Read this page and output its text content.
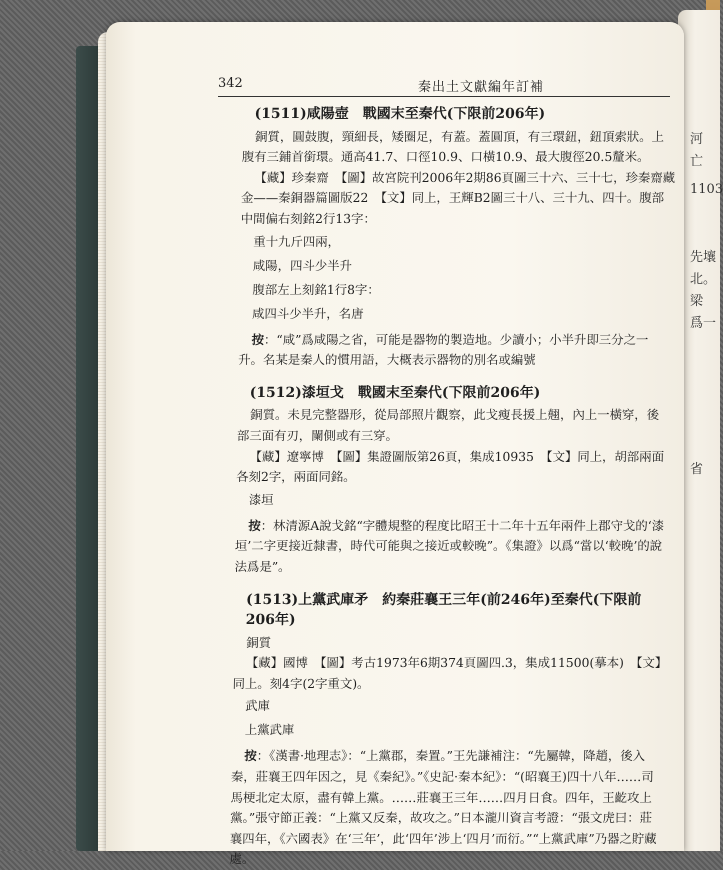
河
亡
1103
先壤
北。
梁
爲一
省
342	秦出土文獻編年訂補

(1511)咸陽壺　戰國末至秦代(下限前206年)

銅質，圓鼓腹，頸細長，矮圈足，有蓋。蓋圓頂，有三環鈕，鈕頂索狀。上腹有三鋪首銜環。通高41.7、口徑10.9、口橫10.9、最大腹徑20.5釐米。

【藏】珍秦齋　【圖】故宮院刊2006年2期86頁圖三十六、三十七，珍秦齋藏金——秦銅器篇圖版22　【文】同上，王輝B2圖三十八、三十九、四十。腹部中間偏右刻銘2行13字：

重十九斤四兩，

咸陽，四斗少半升

腹部左上刻銘1行8字：

咸四斗少半升，名唐

按：“咸”爲咸陽之省，可能是器物的製造地。少讀小；小半升即三分之一升。名某是秦人的慣用語，大概表示器物的別名或編號

(1512)漆垣戈　戰國末至秦代(下限前206年)

銅質。未見完整器形，從局部照片觀察，此戈瘦長援上翹，內上一橫穿，後部三面有刃，闌側或有三穿。

【藏】遼寧博　【圖】集證圖版第26頁，集成10935　【文】同上，胡部兩面各刻2字，兩面同銘。

漆垣

按：林清源A說戈銘“字體規整的程度比昭王十二年十五年兩件上郡守戈的‘漆垣’二字更接近隸書，時代可能與之接近或較晚”。《集證》以爲“當以‘較晚’的說法爲是”。

(1513)上黨武庫矛　約秦莊襄王三年(前246年)至秦代(下限前206年)

銅質

【藏】國博　【圖】考古1973年6期374頁圖四.3，集成11500(摹本)　【文】同上。刻4字(2字重文)。

武庫

上黨武庫

按：《漢書·地理志》：“上黨郡，秦置。”王先謙補注：“先屬韓，降趙，後入秦，莊襄王四年因之，見《秦紀》。”《史記·秦本紀》：“(昭襄王)四十八年……司馬梗北定太原，盡有韓上黨。……莊襄王三年……四月日食。四年，王齕攻上黨。”張守節正義：“上黨又反秦，故攻之。”日本瀧川資言考證：“張文虎曰：莊襄四年，《六國表》在‘三年’，此‘四年’涉上‘四月’而衍。”“上黨武庫”乃器之貯藏處。
